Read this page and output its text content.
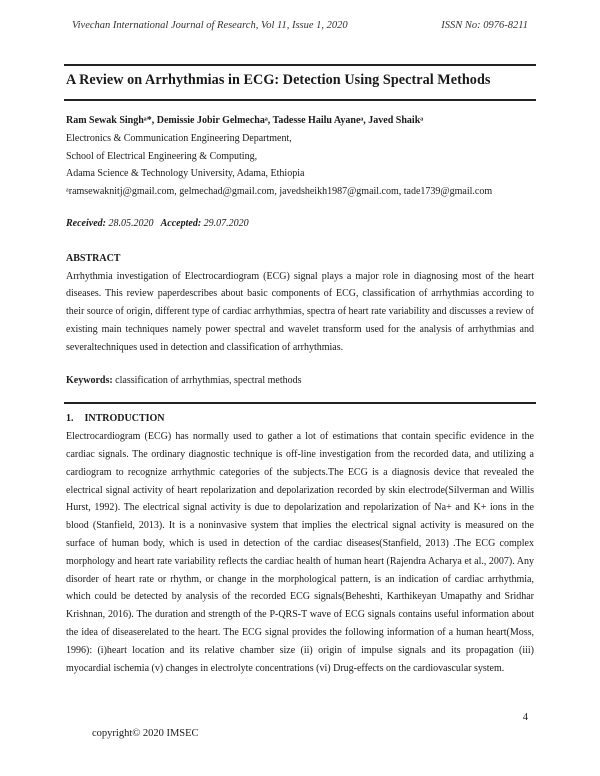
Vivechan International Journal of Research, Vol 11, Issue 1, 2020	ISSN No: 0976-8211
A Review on Arrhythmias in ECG: Detection Using Spectral Methods
Ram Sewak Singhᵃ*, Demissie Jobir Gelmechaᵃ, Tadesse Hailu Ayaneᵃ, Javed Shaikᵃ
Electronics & Communication Engineering Department,
School of Electrical Engineering & Computing,
Adama Science & Technology University, Adama, Ethiopia
ᵃramsewaknitj@gmail.com, gelmechad@gmail.com, javedsheikh1987@gmail.com, tade1739@gmail.com
Received: 28.05.2020 Accepted: 29.07.2020
ABSTRACT

Arrhythmia investigation of Electrocardiogram (ECG) signal plays a major role in diagnosing most of the heart diseases. This review paperdescribes about basic components of ECG, classification of arrhythmias according to their source of origin, different type of cardiac arrhythmias, spectra of heart rate variability and discusses a review of existing main techniques namely power spectral and wavelet transform used for the analysis of arrhythmias and severaltechniques used in detection and classification of arrhythmias.

Keywords: classification of arrhythmias, spectral methods
1. INTRODUCTION

Electrocardiogram (ECG) has normally used to gather a lot of estimations that contain specific evidence in the cardiac signals. The ordinary diagnostic technique is off-line investigation from the recorded data, and utilizing a cardiogram to recognize arrhythmic categories of the subjects.The ECG is a diagnosis device that revealed the electrical signal activity of heart repolarization and depolarization recorded by skin electrode(Silverman and Willis Hurst, 1992). The electrical signal activity is due to depolarization and repolarization of Na+ and K+ ions in the blood (Stanfield, 2013). It is a noninvasive system that implies the electrical signal activity is measured on the surface of human body, which is used in detection of the cardiac diseases(Stanfield, 2013) .The ECG complex morphology and heart rate variability reflects the cardiac health of human heart (Rajendra Acharya et al., 2007). Any disorder of heart rate or rhythm, or change in the morphological pattern, is an indication of cardiac arrhythmia, which could be detected by analysis of the recorded ECG signals(Beheshti, Karthikeyan Umapathy and Sridhar Krishnan, 2016). The duration and strength of the P-QRS-T wave of ECG signals contains useful information about the idea of diseaserelated to the heart. The ECG signal provides the following information of a human heart(Moss, 1996): (i)heart location and its relative chamber size (ii) origin of impulse signals and its propagation (iii) myocardial ischemia (v) changes in electrolyte concentrations (vi) Drug-effects on the cardiovascular system.

4
copyright© 2020 IMSEC
